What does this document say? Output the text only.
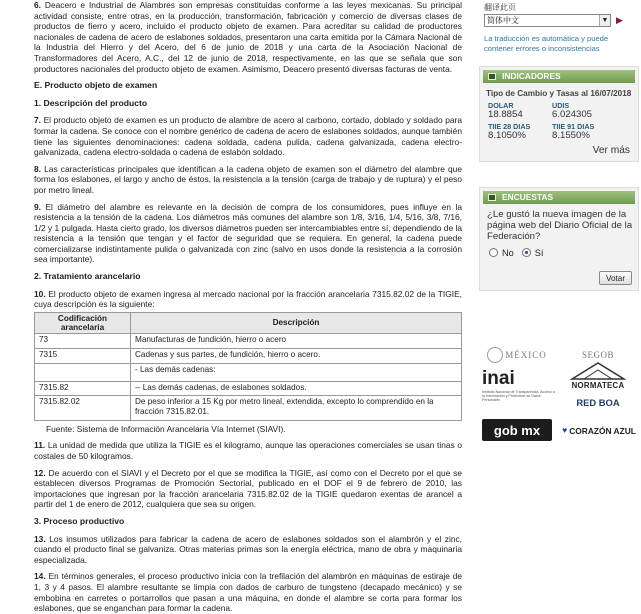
6. Deacero e Industrial de Alambres son empresas constituidas conforme a las leyes mexicanas. Su principal actividad consiste, entre otras, en la producción, transformación, fabricación y comercio de diversas clases de productos de fierro y acero, incluido el producto objeto de examen. Para acreditar su calidad de productores nacionales de cadena de acero de eslabones soldados, presentaron una carta emitida por la Cámara Nacional de la Industria del Hierro y del Acero, del 6 de junio de 2018 y una carta de la Asociación Nacional de Transformadores del Acero, A.C., del 12 de junio de 2018, respectivamente, en las que se señala que son productores nacionales del producto objeto de examen. Asimismo, Deacero presentó diversas facturas de venta.

E. Producto objeto de examen

1. Descripción del producto

7. El producto objeto de examen es un producto de alambre de acero al carbono, cortado, doblado y soldado para formar la cadena. Se conoce con el nombre genérico de cadena de acero de eslabones soldados, aunque también tiene las siguientes denominaciones: cadena soldada, cadena pulida, cadena galvanizada, cadena electro-galvanizada, cadena electro-soldada o cadena de eslabón soldado.

8. Las características principales que identifican a la cadena objeto de examen son el diámetro del alambre que forma los eslabones, el largo y ancho de éstos, la resistencia a la tensión (carga de trabajo y de ruptura) y el peso por metro lineal.

9. El diámetro del alambre es relevante en la decisión de compra de los consumidores, pues influye en la resistencia a la tensión de la cadena. Los diámetros más comunes del alambre son 1/8, 3/16, 1/4, 5/16, 3/8, 7/16, 1/2 y 1 pulgada. Hasta cierto grado, los diversos diámetros pueden ser intercambiables entre sí, dependiendo de la resistencia a la tensión que tengan y el factor de seguridad que se requiera. En general, la cadena puede comercializarse indistintamente pulida o galvanizada con zinc (salvo en usos donde la resistencia a la corrosión sea importante).

2. Tratamiento arancelario

10. El producto objeto de examen ingresa al mercado nacional por la fracción arancelaria 7315.82.02 de la TIGIE, cuya descripción es la siguiente:

Codificación arancelaria	Descripción
73	Manufacturas de fundición, hierro o acero
7315	Cadenas y sus partes, de fundición, hierro o acero.
	- Las demás cadenas:
7315.82	-- Las demás cadenas, de eslabones soldados.
7315.82.02	De peso inferior a 15 Kg por metro lineal, extendida, excepto lo comprendido en la fracción 7315.82.01.

Fuente: Sistema de Información Arancelaria Vía Internet (SIAVI).

11. La unidad de medida que utiliza la TIGIE es el kilogramo, aunque las operaciones comerciales se usan tinas o costales de 50 kilogramos.

12. De acuerdo con el SIAVI y el Decreto por el que se modifica la TIGIE, así como con el Decreto por el que se establecen diversos Programas de Promoción Sectorial, publicado en el DOF el 9 de febrero de 2010, las importaciones que ingresan por la fracción arancelaria 7315.82.02 de la TIGIE quedaron exentas de arancel a partir del 1 de enero de 2012, cualquiera que sea su origen.

3. Proceso productivo

13. Los insumos utilizados para fabricar la cadena de acero de eslabones soldados son el alambrón y el zinc, cuando el producto final se galvaniza. Otras materias primas son la energía eléctrica, mano de obra y maquinaria especializada.

14. En términos generales, el proceso productivo inicia con la trefilación del alambrón en máquinas de estiraje de 1, 3 y 4 pasos. El alambre resultante se limpia con dados de carburo de tungsteno (decapado mecánico) y se embobina en carretes o portarrollos que pasan a una máquina, en donde el alambre se corta para formar los eslabones, que se enganchan para formar la cadena.

翻译此页
简体中文	▼ ▶
La traducción es automática y puede contener errores o inconsistencias
INDICADORES
Tipo de Cambio y Tasas al 16/07/2018
DOLAR
18.8854
UDIS
6.024305
TIIE 28 DIAS
8.1050%
TIIE 91 DIAS
8.1550%
Ver más
ENCUESTAS
¿Le gustó la nueva imagen de la página web del Diario Oficial de la Federación?
No Sí
Votar
MÉXICO	SEGOB
inai
Instituto Nacional de Transparencia, Acceso a la Información y Protección de Datos Personales
NORMATECA
RED BOA
gob mx	♥ CORAZÓN AZUL
